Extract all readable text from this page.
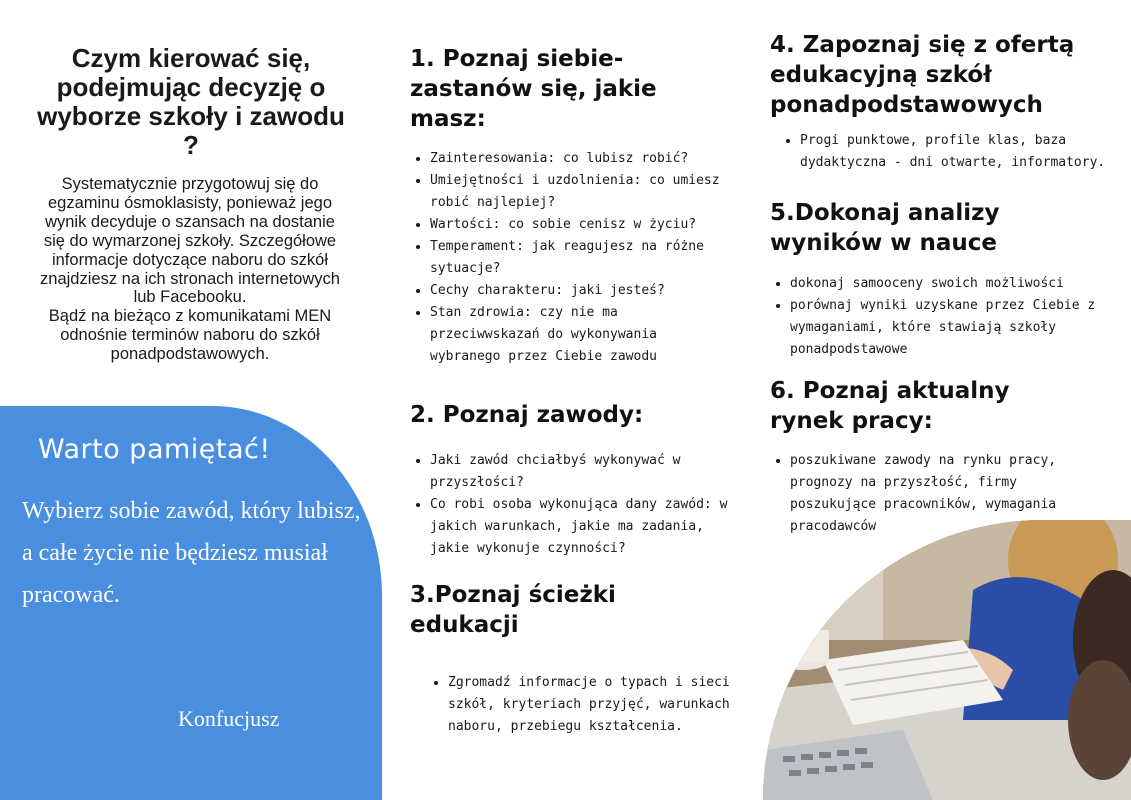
Czym kierować się, podejmując decyzję o wyborze szkoły i zawodu ?

Systematycznie przygotowuj się do egzaminu ósmoklasisty, ponieważ jego wynik decyduje o szansach na dostanie się do wymarzonej szkoły. Szczegółowe informacje dotyczące naboru do szkół znajdziesz na ich stronach internetowych lub Facebooku.

Bądź na bieżąco z komunikatami MEN odnośnie terminów naboru do szkół ponadpodstawowych.

Warto pamiętać!

Wybierz sobie zawód, który lubisz, a całe życie nie będziesz musiał pracować.

Konfucjusz

1. Poznaj siebie- zastanów się, jakie masz:
• Zainteresowania: co lubisz robić?
• Umiejętności i uzdolnienia: co umiesz robić najlepiej?
• Wartości: co sobie cenisz w życiu?
• Temperament: jak reagujesz na różne sytuacje?
• Cechy charakteru: jaki jesteś?
• Stan zdrowia: czy nie ma przeciwwskazań do wykonywania wybranego przez Ciebie zawodu
2. Poznaj zawody:
• Jaki zawód chciałbyś wykonywać w przyszłości?
• Co robi osoba wykonująca dany zawód: w jakich warunkach, jakie ma zadania, jakie wykonuje czynności?
3.Poznaj ścieżki edukacji
• Zgromadź informacje o typach i sieci szkół, kryteriach przyjęć, warunkach naboru, przebiegu kształcenia.
4. Zapoznaj się z ofertą edukacyjną szkół ponadpodstawowych
• Progi punktowe, profile klas, baza dydaktyczna - dni otwarte, informatory.
5.Dokonaj analizy wyników w nauce
• dokonaj samooceny swoich możliwości
• porównaj wyniki uzyskane przez Ciebie z wymaganiami, które stawiają szkoły ponadpodstawowe
6. Poznaj aktualny rynek pracy:
• poszukiwane zawody na rynku pracy, prognozy na przyszłość, firmy poszukujące pracowników, wymagania pracodawców
